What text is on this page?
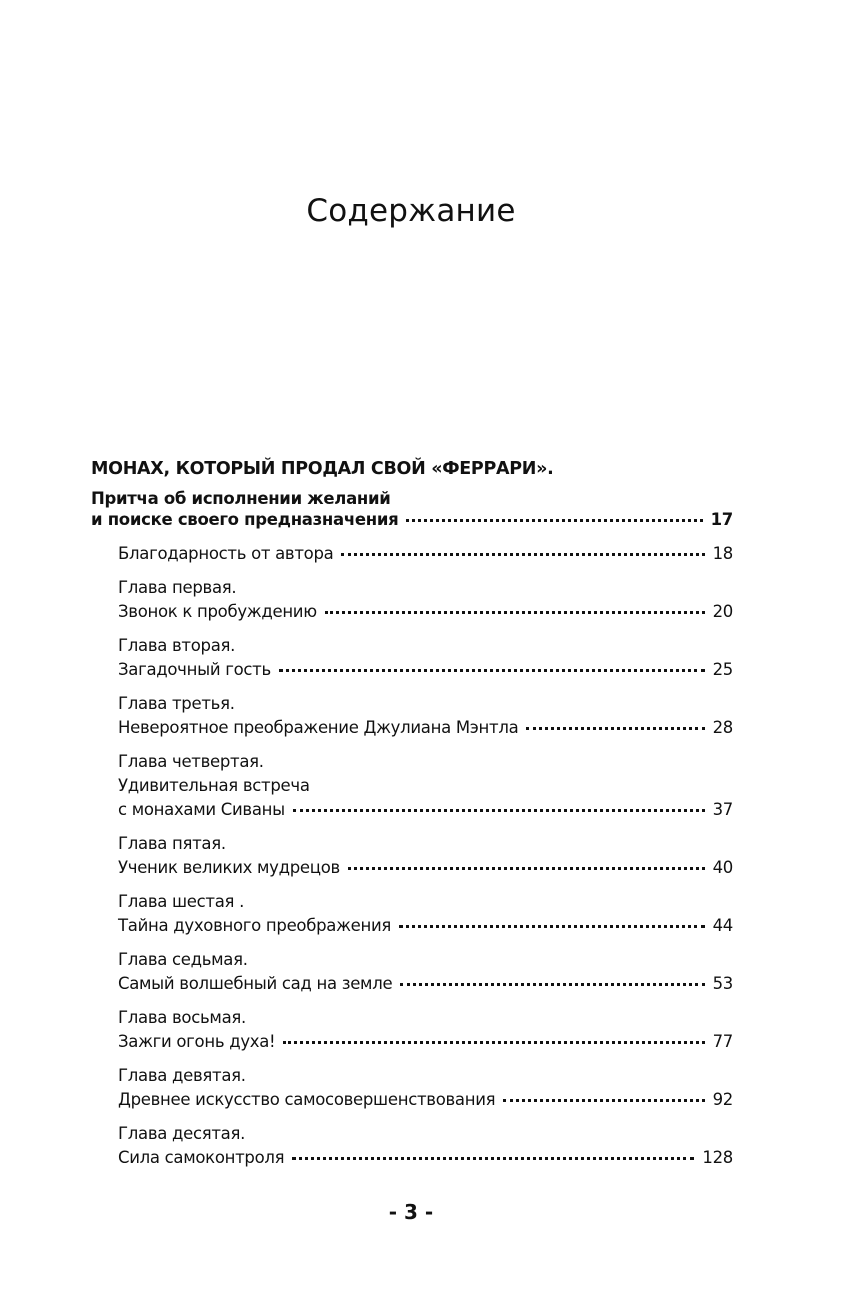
Содержание
МОНАХ, КОТОРЫЙ ПРОДАЛ СВОЙ «ФЕРРАРИ».
Притча об исполнении желаний
и поиске своего предназначения	17
Благодарность от автора	18
Глава первая.
Звонок к пробуждению	20
Глава вторая.
Загадочный гость	25
Глава третья.
Невероятное преображение Джулиана Мэнтла	28
Глава четвертая.
Удивительная встреча
с монахами Сиваны	37
Глава пятая.
Ученик великих мудрецов	40
Глава шестая .
Тайна духовного преображения	44
Глава седьмая.
Самый волшебный сад на земле	53
Глава восьмая.
Зажги огонь духа!	77
Глава девятая.
Древнее искусство самосовершенствования	92
Глава десятая.
Сила самоконтроля	128
- 3 -
